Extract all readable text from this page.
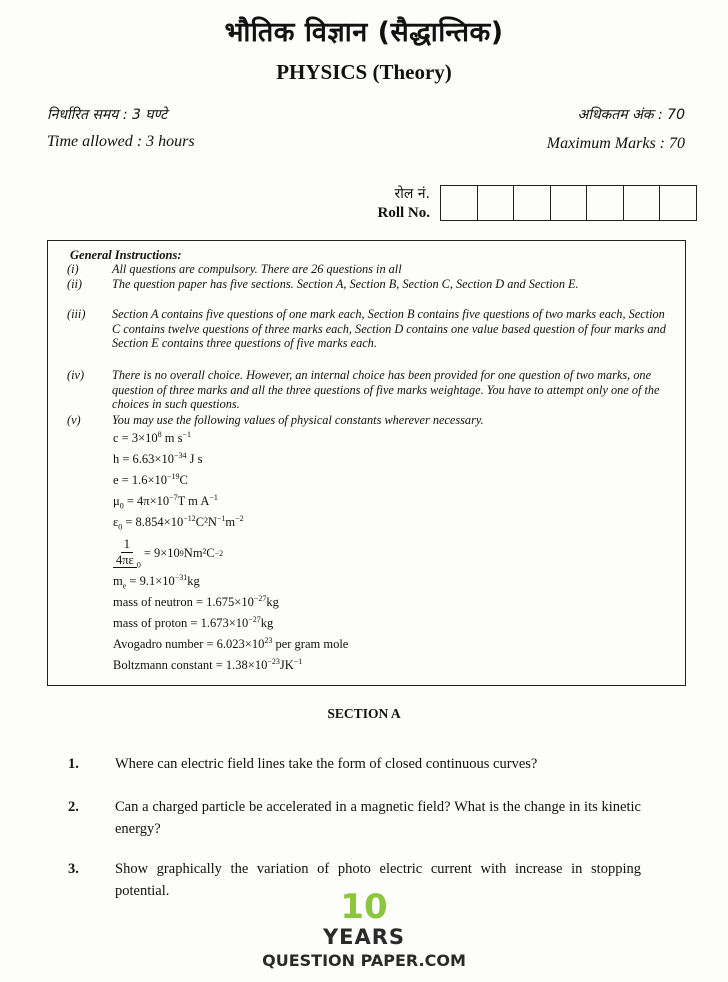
भौतिक विज्ञान (सैद्धान्तिक)
PHYSICS (Theory)
निर्धारित समय : 3 घण्टे	अधिकतम अंक : 70
Time allowed : 3 hours	Maximum Marks : 70
रोल नं.
Roll No.
General Instructions:
(i)	All questions are compulsory. There are 26 questions in all
(ii) The question paper has five sections. Section A, Section B, Section C, Section D and Section E.
(iii) Section A contains five questions of one mark each, Section B contains five questions of two marks each, Section C contains twelve questions of three marks each, Section D contains one value based question of four marks and Section E contains three questions of five marks each.
(iv) There is no overall choice. However, an internal choice has been provided for one question of two marks, one question of three marks and all the three questions of five marks weightage. You have to attempt only one of the choices in such questions.
(v)	You may use the following values of physical constants wherever necessary.
$c = 3\times 10^8$ m $s^{-1}$
$h = 6.63\times 10^{-34}$ J s
$e = 1.6\times 10^{-19}C$
$\mu_0 = 4\pi\times 10^{-7}T$ m $A^{-1}$
$\varepsilon_0 = 8.854\times 10^{-12}C^2N^{-1}m^{-2}$
$\frac{1}{4\pi\varepsilon _0} = 9\times 10$ 9 Nm²C −2
$m_e = 9.1\times 10^{-31}kg$
mass of neutron = $1.675\times 10^{-27}kg$
mass of proton = $1.673\times 10^{-27}kg$
Avogadro number = $6.023\times 10^{23}$ per gram mole
Boltzmann constant = $1.38\times 10^{-23}JK^{-1}$
SECTION A
1. Where can electric field lines take the form of closed continuous curves?
2. Can a charged particle be accelerated in a magnetic field? What is the change in its kinetic energy?
3. Show graphically the variation of photo electric current with increase in stopping potential.	10
YEARS
QUESTION PAPER.COM
